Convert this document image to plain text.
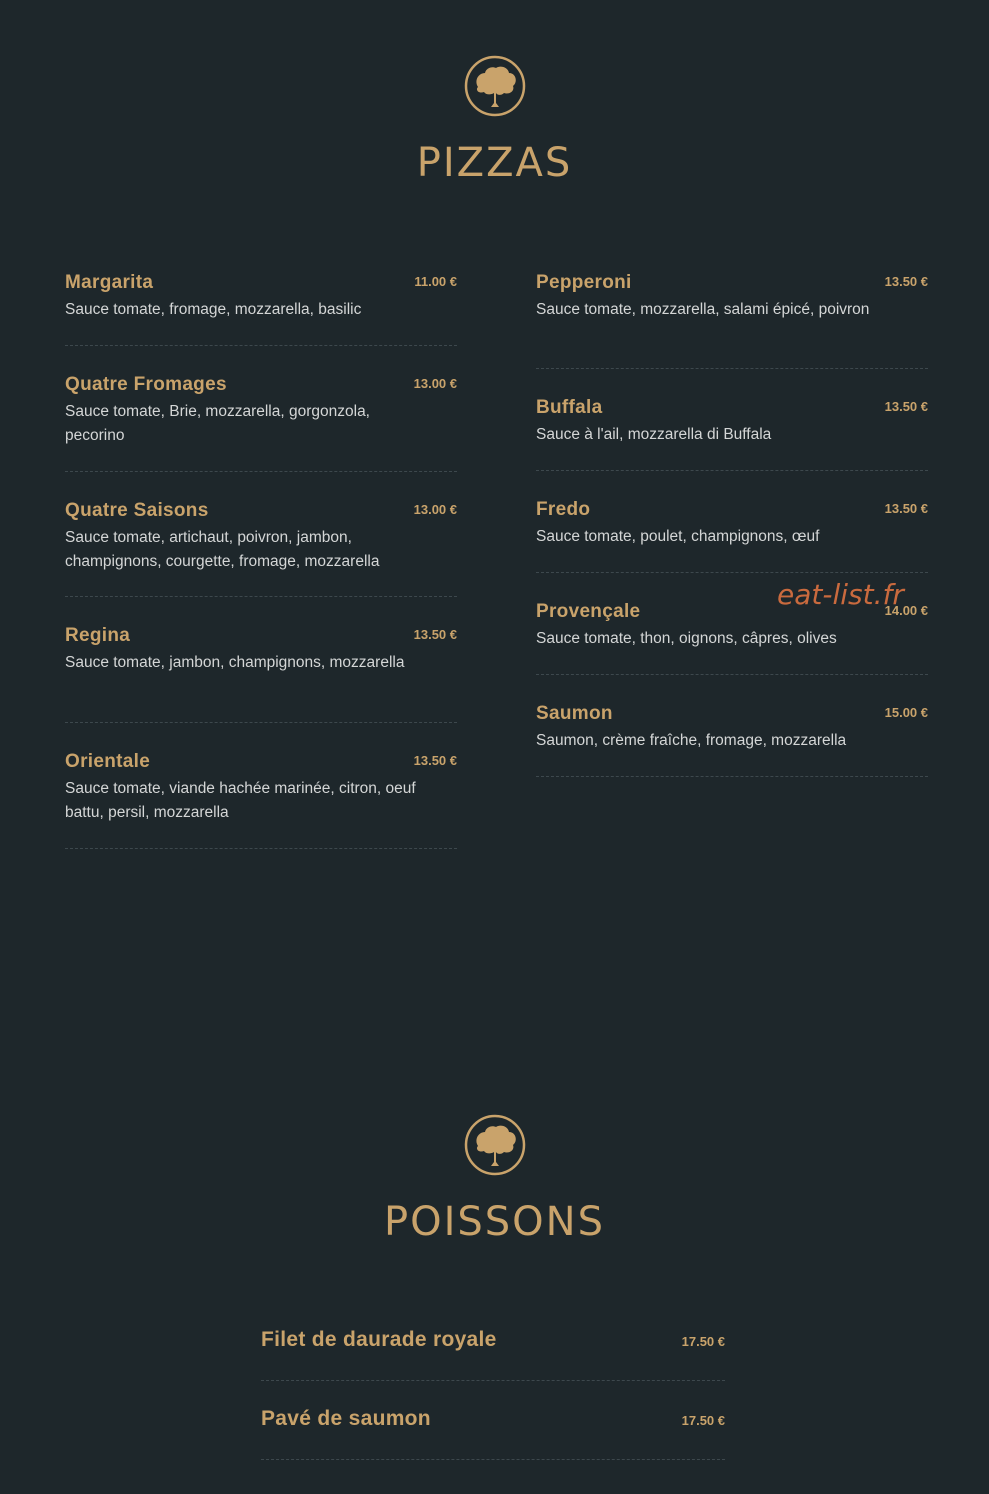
PIZZAS
Margarita	11.00 €
Sauce tomate, fromage, mozzarella, basilic
Quatre Fromages	13.00 €
Sauce tomate, Brie, mozzarella, gorgonzola, pecorino
Quatre Saisons	13.00 €
Sauce tomate, artichaut, poivron, jambon, champignons, courgette, fromage, mozzarella
Regina	13.50 €
Sauce tomate, jambon, champignons, mozzarella
Orientale	13.50 €
Sauce tomate, viande hachée marinée, citron, oeuf battu, persil, mozzarella
Pepperoni	13.50 €
Sauce tomate, mozzarella, salami épicé, poivron
Buffala	13.50 €
Sauce à l'ail, mozzarella di Buffala
Fredo	13.50 €
Sauce tomate, poulet, champignons, œuf
Provençale	14.00 €
Sauce tomate, thon, oignons, câpres, olives
Saumon	15.00 €
Saumon, crème fraîche, fromage, mozzarella
eat-list.fr
POISSONS
Filet de daurade royale	17.50 €
Pavé de saumon	17.50 €
